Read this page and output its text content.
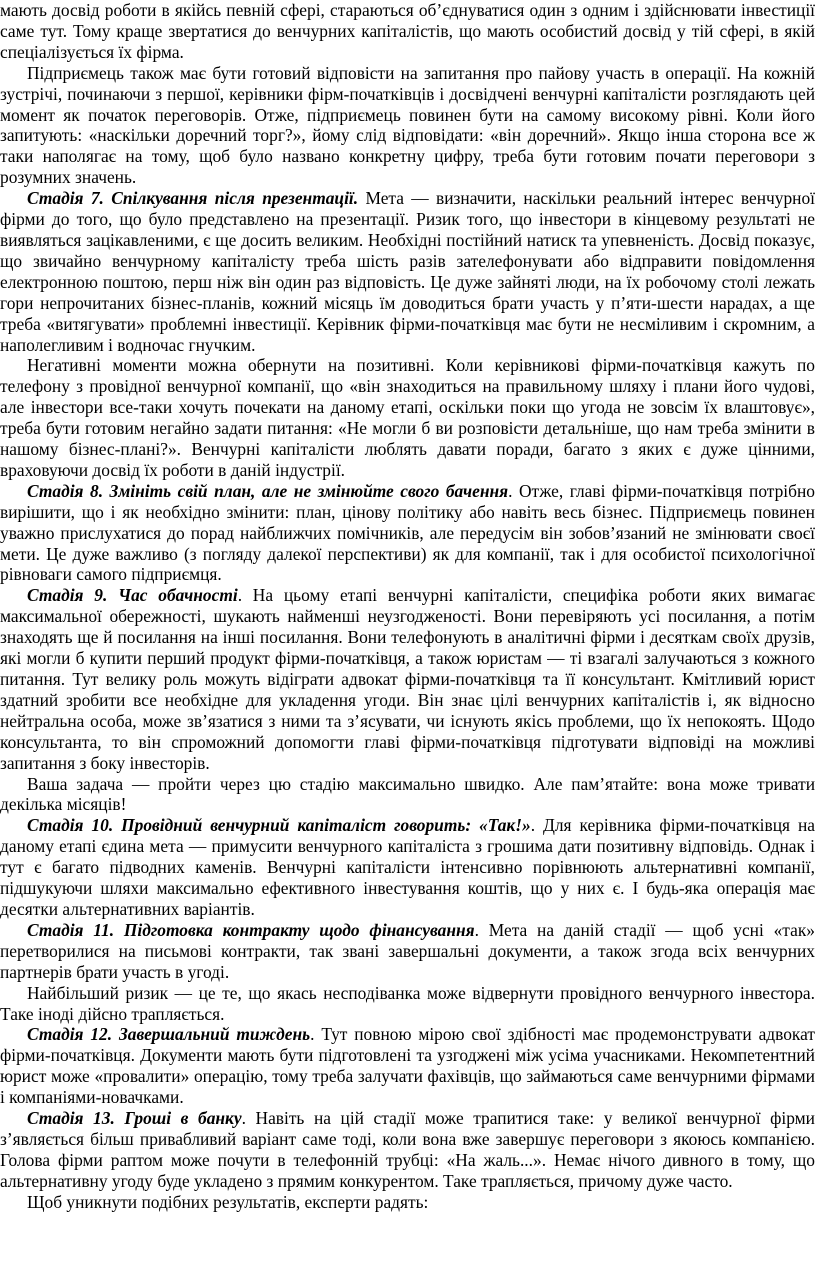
мають досвід роботи в якійсь певній сфері, стараються об’єднуватися один з одним і здійснювати інвестиції саме тут. Тому краще звертатися до венчурних капіталістів, що мають особистий досвід у тій сфері, в якій спеціалізується їх фірма.

Підприємець також має бути готовий відповісти на запитання про пайову участь в операції. На кожній зустрічі, починаючи з першої, керівники фірм-початківців і досвідчені венчурні капіталісти розглядають цей момент як початок переговорів. Отже, підприємець повинен бути на самому високому рівні. Коли його запитують: «наскільки доречний торг?», йому слід відповідати: «він доречний». Якщо інша сторона все ж таки наполягає на тому, щоб було названо конкретну цифру, треба бути готовим почати переговори з розумних значень.

Стадія 7. Спілкування після презентації. Мета — визначити, наскільки реальний інтерес венчурної фірми до того, що було представлено на презентації. Ризик того, що інвестори в кінцевому результаті не виявляться зацікавленими, є ще досить великим. Необхідні постійний натиск та упевненість. Досвід показує, що звичайно венчурному капіталісту треба шість разів зателефонувати або відправити повідомлення електронною поштою, перш ніж він один раз відповість. Це дуже зайняті люди, на їх робочому столі лежать гори непрочитаних бізнес-планів, кожний місяць їм доводиться брати участь у п’яти-шести нарадах, а ще треба «витягувати» проблемні інвестиції. Керівник фірми-початківця має бути не несміливим і скромним, а наполегливим і водночас гнучким.

Негативні моменти можна обернути на позитивні. Коли керівникові фірми-початківця кажуть по телефону з провідної венчурної компанії, що «він знаходиться на правильному шляху і плани його чудові, але інвестори все-таки хочуть почекати на даному етапі, оскільки поки що угода не зовсім їх влаштовує», треба бути готовим негайно задати питання: «Не могли б ви розповісти детальніше, що нам треба змінити в нашому бізнес-плані?». Венчурні капіталісти люблять давати поради, багато з яких є дуже цінними, враховуючи досвід їх роботи в даній індустрії.

Стадія 8. Змініть свій план, але не змінюйте свого бачення. Отже, главі фірми-початківця потрібно вирішити, що і як необхідно змінити: план, цінову політику або навіть весь бізнес. Підприємець повинен уважно прислухатися до порад найближчих помічників, але передусім він зобов’язаний не змінювати своєї мети. Це дуже важливо (з погляду далекої перспективи) як для компанії, так і для особистої психологічної рівноваги самого підприємця.

Стадія 9. Час обачності. На цьому етапі венчурні капіталісти, специфіка роботи яких вимагає максимальної обережності, шукають найменші неузгодженості. Вони перевіряють усі посилання, а потім знаходять ще й посилання на інші посилання. Вони телефонують в аналітичні фірми і десяткам своїх друзів, які могли б купити перший продукт фірми-початківця, а також юристам — ті взагалі залучаються з кожного питання. Тут велику роль можуть відіграти адвокат фірми-початківця та її консультант. Кмітливий юрист здатний зробити все необхідне для укладення угоди. Він знає цілі венчурних капіталістів і, як відносно нейтральна особа, може зв’язатися з ними та з’ясувати, чи існують якісь проблеми, що їх непокоять. Щодо консультанта, то він спроможний допомогти главі фірми-початківця підготувати відповіді на можливі запитання з боку інвесторів.

Ваша задача — пройти через цю стадію максимально швидко. Але пам’ятайте: вона може тривати декілька місяців!

Стадія 10. Провідний венчурний капіталіст говорить: «Так!». Для керівника фірми-початківця на даному етапі єдина мета — примусити венчурного капіталіста з грошима дати позитивну відповідь. Однак і тут є багато підводних каменів. Венчурні капіталісти інтенсивно порівнюють альтернативні компанії, підшукуючи шляхи максимально ефективного інвестування коштів, що у них є. І будь-яка операція має десятки альтернативних варіантів.

Стадія 11. Підготовка контракту щодо фінансування. Мета на даній стадії — щоб усні «так» перетворилися на письмові контракти, так звані завершальні документи, а також згода всіх венчурних партнерів брати участь в угоді.

Найбільший ризик — це те, що якась несподіванка може відвернути провідного венчурного інвестора. Таке іноді дійсно трапляється.

Стадія 12. Завершальний тиждень. Тут повною мірою свої здібності має продемонструвати адвокат фірми-початківця. Документи мають бути підготовлені та узгоджені між усіма учасниками. Некомпетентний юрист може «провалити» операцію, тому треба залучати фахівців, що займаються саме венчурними фірмами і компаніями-новачками.

Стадія 13. Гроші в банку. Навіть на цій стадії може трапитися таке: у великої венчурної фірми з’являється більш привабливий варіант саме тоді, коли вона вже завершує переговори з якоюсь компанією. Голова фірми раптом може почути в телефонній трубці: «На жаль...». Немає нічого дивного в тому, що альтернативну угоду буде укладено з прямим конкурентом. Таке трапляється, причому дуже часто.

Щоб уникнути подібних результатів, експерти радять:
